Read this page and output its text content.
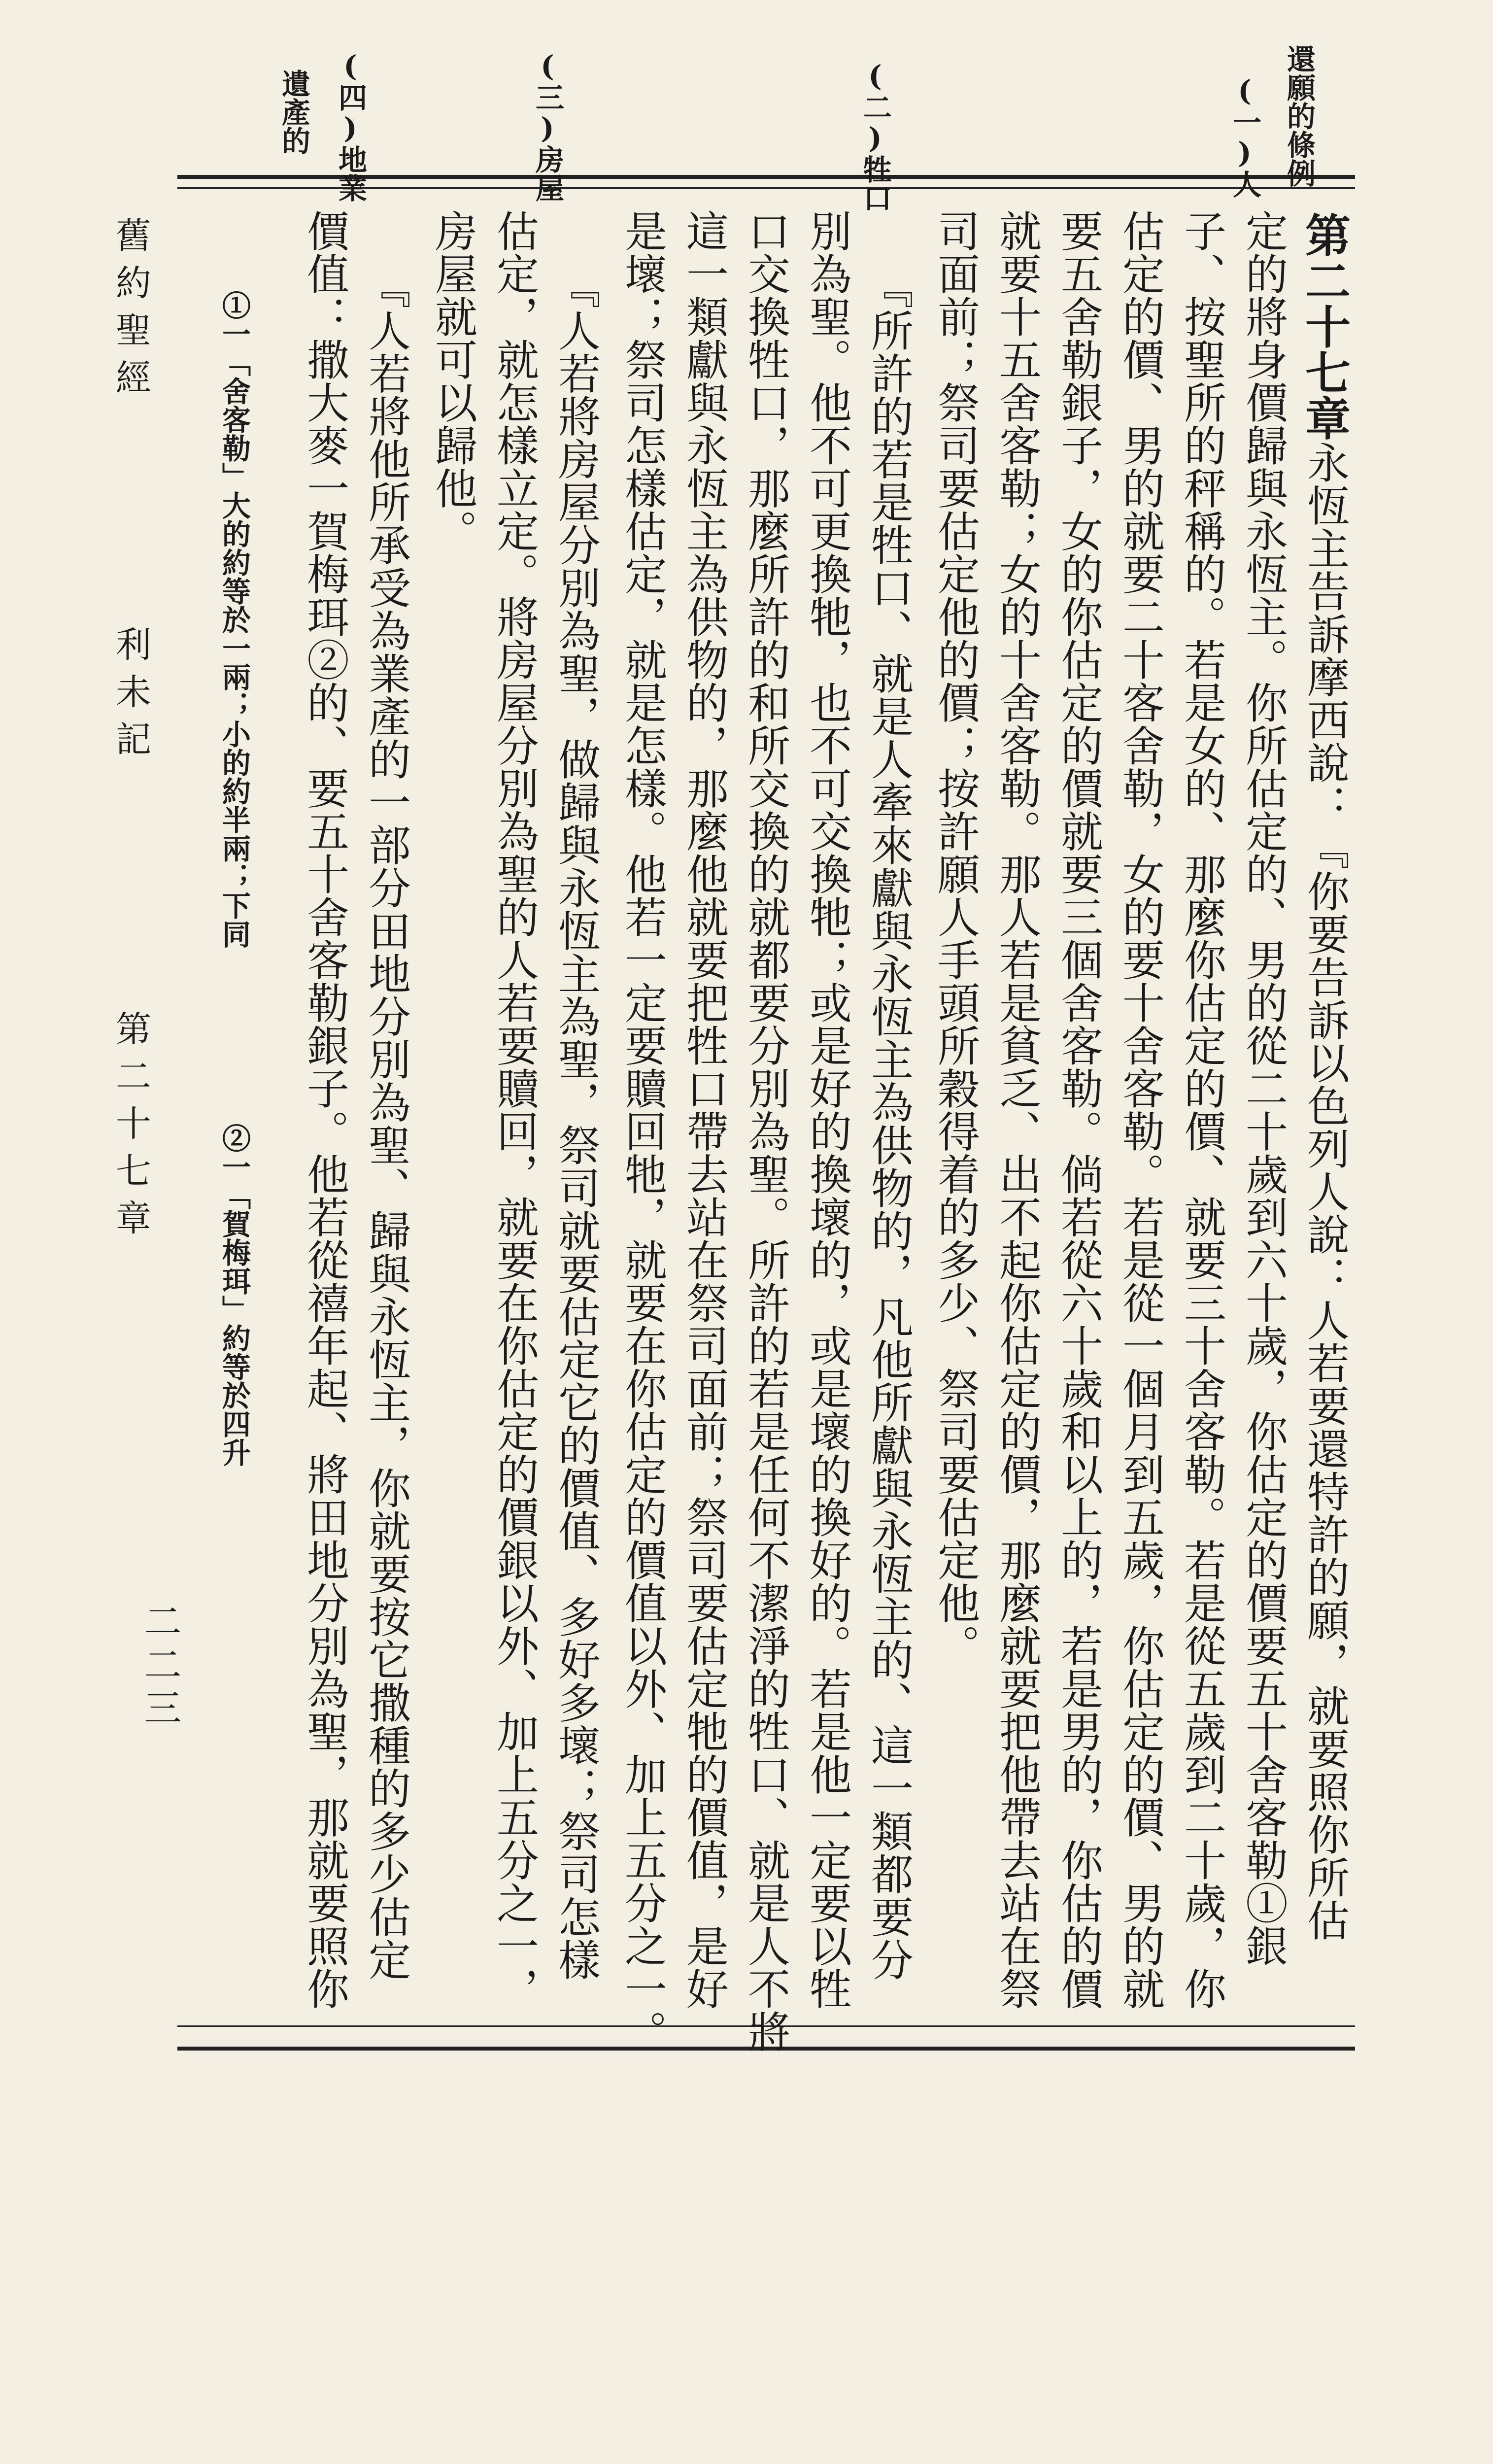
還願的條例
(一)人
(二)牲口
(三)房屋
(四)地業
遺產的
第二十七章永恆主告訴摩西說：『你要告訴以色列人說：人若要還特許的願，就要照你所估
定的將身價歸與永恆主。你所估定的、男的從二十歲到六十歲，你估定的價要五十舍客勒①銀
子、按聖所的秤稱的。若是女的、那麼你估定的價、就要三十舍客勒。若是從五歲到二十歲，你
估定的價、男的就要二十客舍勒，女的要十舍客勒。若是從一個月到五歲，你估定的價、男的就
要五舍勒銀子，女的你估定的價就要三個舍客勒。倘若從六十歲和以上的，若是男的，你估的價
就要十五舍客勒；女的十舍客勒。那人若是貧乏、出不起你估定的價，那麼就要把他帶去站在祭
司面前；祭司要估定他的價；按許願人手頭所穀得着的多少、祭司要估定他。
『所許的若是牲口、就是人牽來獻與永恆主為供物的，凡他所獻與永恆主的、這一類都要分
別為聖。他不可更換牠，也不可交換牠；或是好的換壞的，或是壞的換好的。若是他一定要以牲
口交換牲口，那麼所許的和所交換的就都要分別為聖。所許的若是任何不潔淨的牲口、就是人不將
這一類獻與永恆主為供物的，那麼他就要把牲口帶去站在祭司面前；祭司要估定牠的價值，是好
是壞；祭司怎樣估定，就是怎樣。他若一定要贖回牠，就要在你估定的價值以外、加上五分之一。
『人若將房屋分別為聖，做歸與永恆主為聖，祭司就要估定它的價值、多好多壞；祭司怎樣
估定，就怎樣立定。將房屋分別為聖的人若要贖回，就要在你估定的價銀以外、加上五分之一，
房屋就可以歸他。
『人若將他所承受為業產的一部分田地分別為聖、歸與永恆主，你就要按它撒種的多少估定
價值：撒大麥一賀梅珥②的、要五十舍客勒銀子。他若從禧年起、將田地分別為聖，那就要照你
①一「舍客勒」大的約等於一兩；小的約半兩；下同
②一「賀梅珥」約等於四升
舊約聖經
利未記
第二十七章
二二三
